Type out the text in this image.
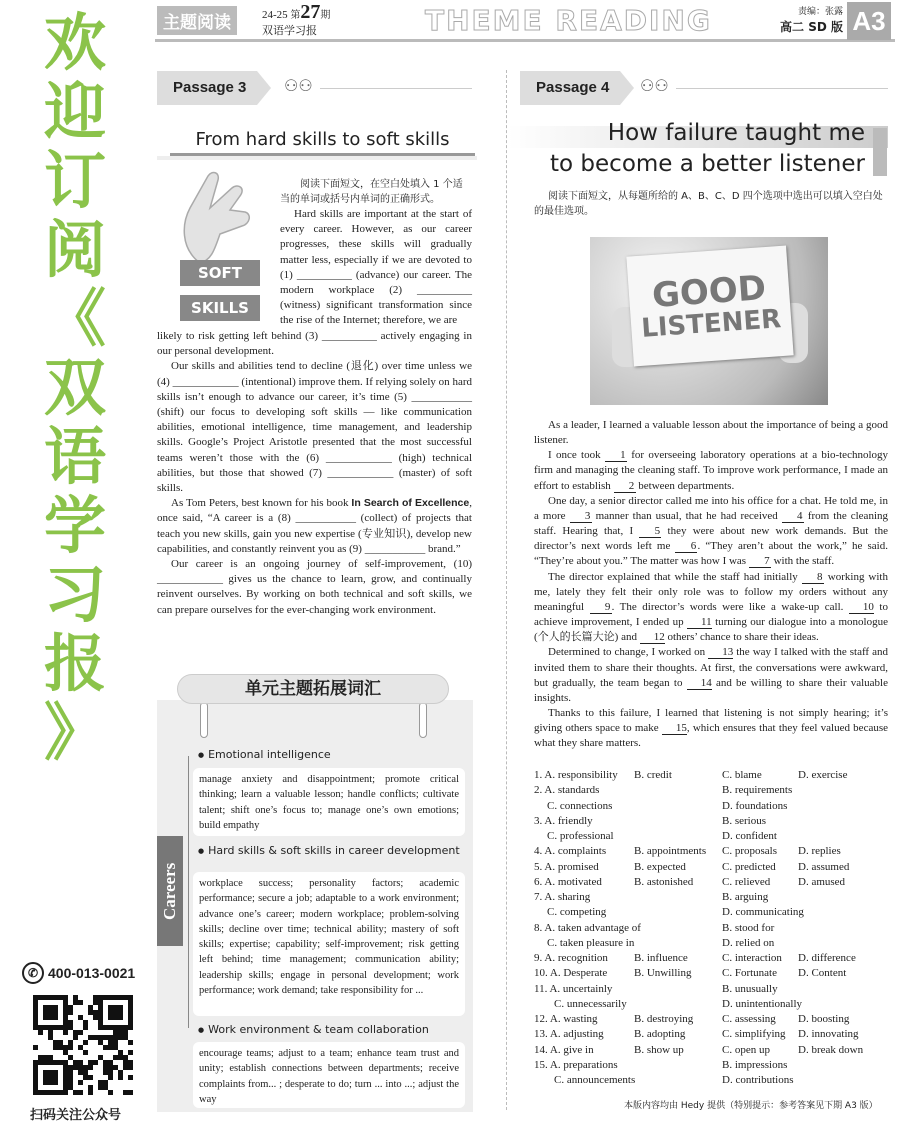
欢
迎
订
阅
《
双
语
学
习
报
》
✆ 400-013-0021
扫码关注公众号
主题阅读	24-25 第27期
双语学习报	THEME READING	责编：张露
高二 SD 版 A3
Passage 3	⚇⚇
From hard skills to soft skills
SOFT
SKILLS
阅读下面短文，在空白处填入 1 个适当的单词或括号内单词的正确形式。

Hard skills are important at the start of every career. However, as our career progresses, these skills will gradually matter less, especially if we are devoted to (1) __________ (advance) our career. The modern workplace (2) __________ (witness) significant transformation since the rise of the Internet; therefore, we are

likely to risk getting left behind (3) __________ actively engaging in our personal development.

Our skills and abilities tend to decline (退化) over time unless we (4) ____________ (intentional) improve them. If relying solely on hard skills isn’t enough to advance our career, it’s time (5) ___________ (shift) our focus to developing soft skills — like communication abilities, emotional intelligence, time management, and leadership skills. Google’s Project Aristotle presented that the most successful teams weren’t those with the (6) ____________ (high) technical abilities, but those that showed (7) ____________ (master) of soft skills.

As Tom Peters, best known for his book In Search of Excellence, once said, “A career is a (8) ___________ (collect) of projects that teach you new skills, gain you new expertise (专业知识), develop new capabilities, and constantly reinvent you as (9) ___________ brand.”

Our career is an ongoing journey of self-improvement, (10) ____________ gives us the chance to learn, grow, and continually reinvent ourselves. By working on both technical and soft skills, we can prepare ourselves for the ever-changing work environment.

单元主题拓展词汇
Careers
● Emotional intelligence
manage anxiety and disappointment; promote critical thinking; learn a valuable lesson; handle conflicts; cultivate talent; shift one’s focus to; manage one’s own emotions; build empathy
● Hard skills & soft skills in career development
workplace success; personality factors; academic performance; secure a job; adaptable to a work environment; advance one’s career; modern workplace; problem-solving skills; decline over time; technical ability; mastery of soft skills; expertise; capability; self-improvement; risk getting left behind; time management; communication ability; leadership skills; engage in personal development; work performance; work demand; take responsibility for ...
● Work environment & team collaboration
encourage teams; adjust to a team; enhance team trust and unity; establish connections between departments; receive complaints from... ; desperate to do; turn ... into ...; adjust the way
Passage 4	⚇⚇
How failure taught me
to become a better listener
阅读下面短文，从每题所给的 A、B、C、D 四个选项中选出可以填入空白处的最佳选项。
GOOD
LISTENER

As a leader, I learned a valuable lesson about the importance of being a good listener.

I once took 1 for overseeing laboratory operations at a bio-technology firm and managing the cleaning staff. To improve work performance, I made an effort to establish 2 between departments.

One day, a senior director called me into his office for a chat. He told me, in a more 3 manner than usual, that he had received 4 from the cleaning staff. Hearing that, I 5 they were about new work demands. But the director’s next words left me 6. “They aren’t about the work,” he said. “They’re about you.” The matter was how I was 7 with the staff.

The director explained that while the staff had initially 8 working with me, lately they felt their only role was to follow my orders without any meaningful 9. The director’s words were like a wake-up call. 10 to achieve improvement, I ended up 11 turning our dialogue into a monologue (个人的长篇大论) and 12 others’ chance to share their ideas.

Determined to change, I worked on 13 the way I talked with the staff and invited them to share their thoughts. At first, the conversations were awkward, but gradually, the team began to 14 and be willing to share their valuable insights.

Thanks to this failure, I learned that listening is not simply hearing; it’s giving others space to make 15, which ensures that they feel valued because what they share matters.

1. A. responsibility B. credit	C. blame	D. exercise
2. A. standards	B. requirements
C. connections	D. foundations
3. A. friendly	B. serious
C. professional	D. confident
4. A. complaints	B. appointments C. proposals D. replies
5. A. promised	B. expected	C. predicted D. assumed
6. A. motivated	B. astonished	C. relieved	D. amused
7. A. sharing	B. arguing
C. competing	D. communicating
8. A. taken advantage of	B. stood for
C. taken pleasure in	D. relied on
9. A. recognition B. influence	C. interaction D. difference
10. A. Desperate B. Unwilling	C. Fortunate D. Content
11. A. uncertainly	B. unusually
C. unnecessarily	D. unintentionally
12. A. wasting	B. destroying	C. assessing D. boosting
13. A. adjusting	B. adopting	C. simplifying D. innovating
14. A. give in	B. show up	C. open up	D. break down
15. A. preparations	B. impressions
C. announcements	D. contributions
本版内容均由 Hedy 提供（特别提示：参考答案见下期 A3 版）
